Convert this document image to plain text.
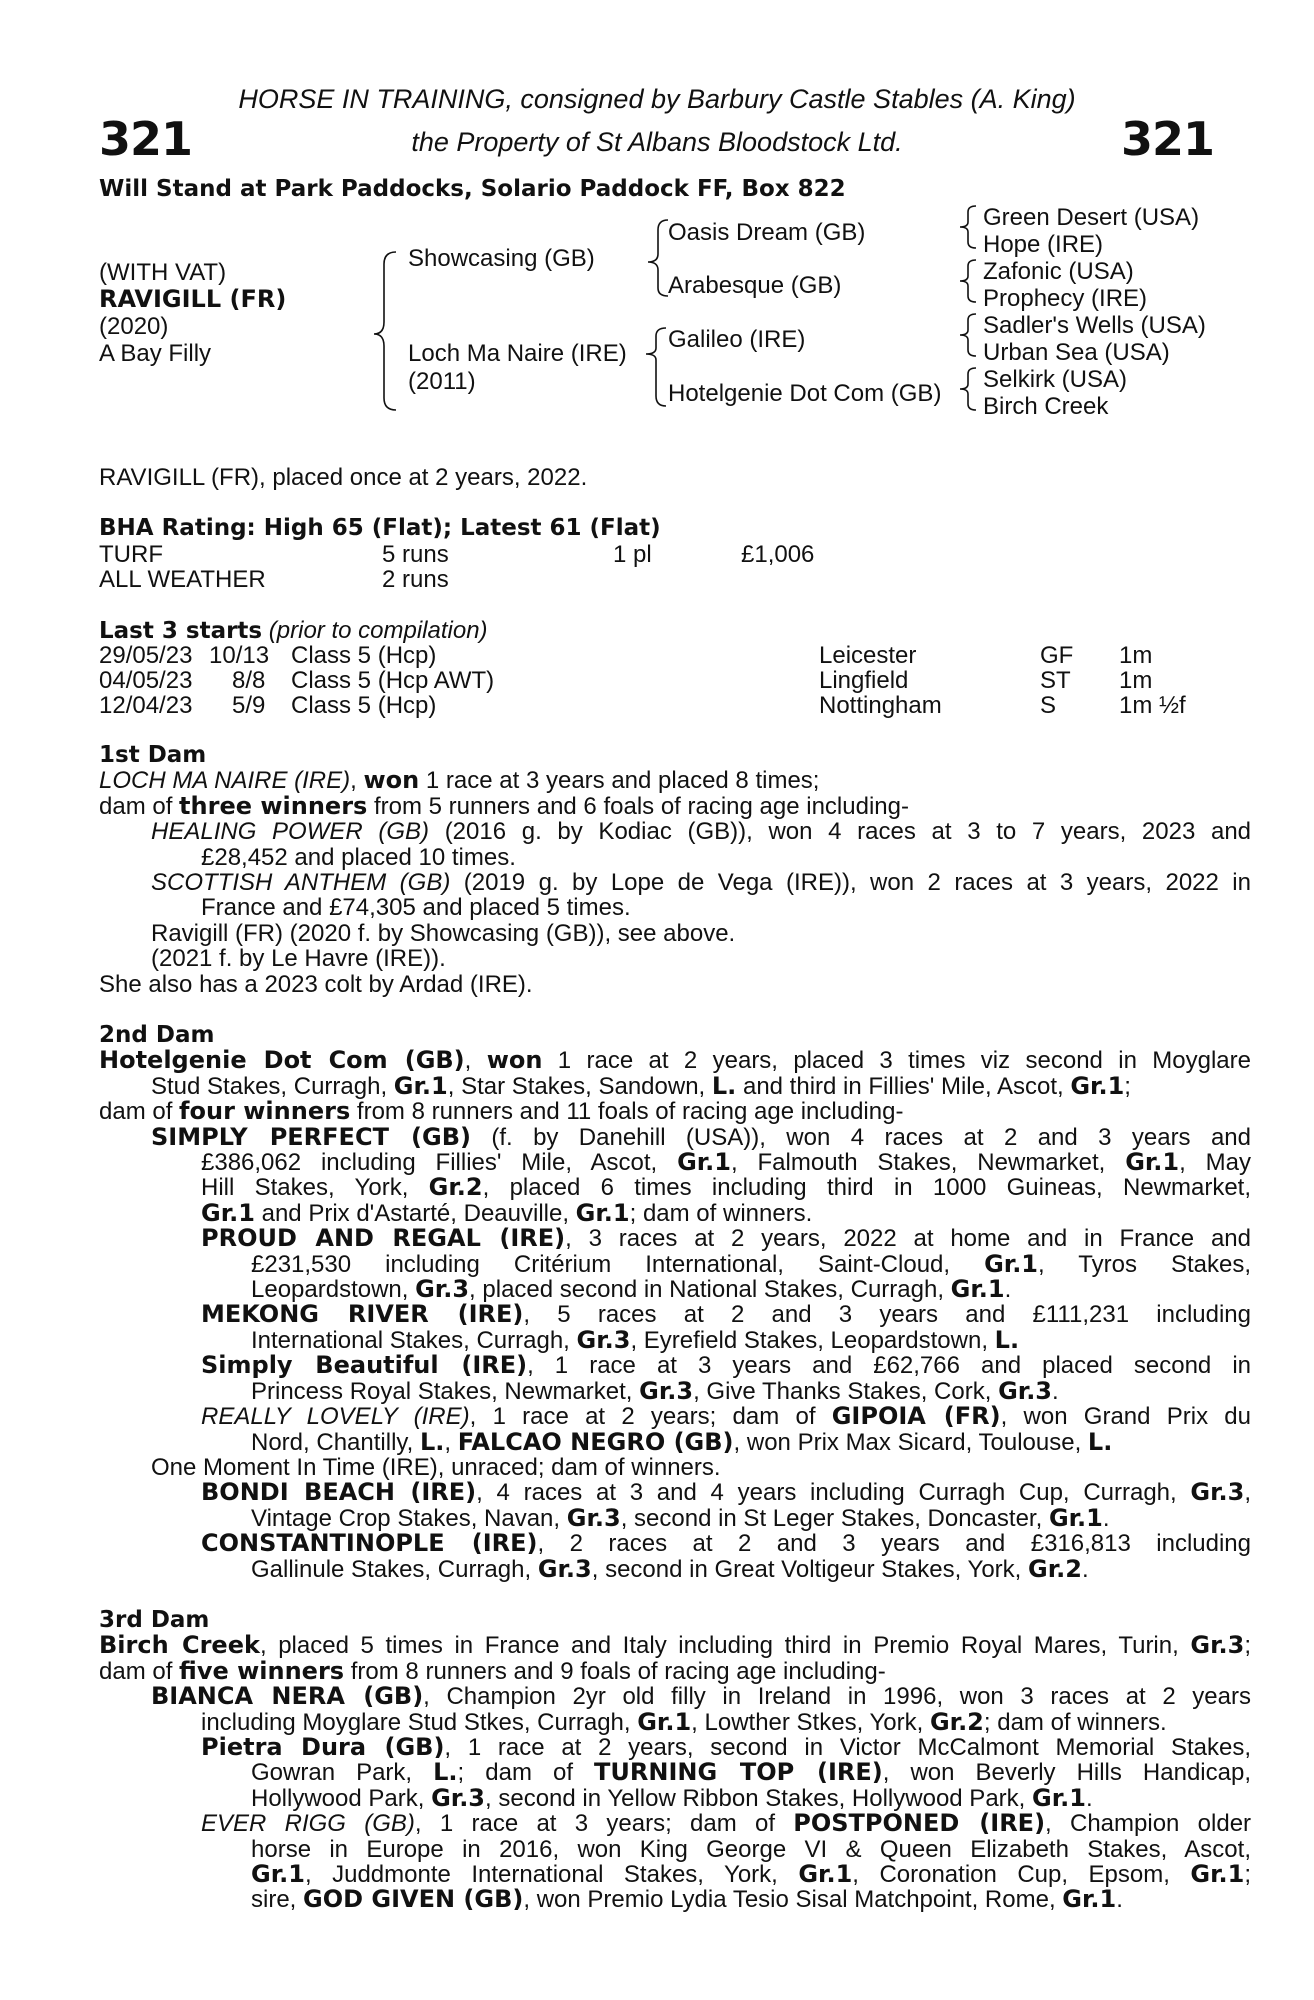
321	321
HORSE IN TRAINING, consigned by Barbury Castle Stables (A. King)
the Property of St Albans Bloodstock Ltd.
Will Stand at Park Paddocks, Solario Paddock FF, Box 822
(WITH VAT)
RAVIGILL (FR)
(2020)
A Bay Filly
Showcasing (GB)
Loch Ma Naire (IRE)
(2011)
Oasis Dream (GB)
Arabesque (GB)
Galileo (IRE)
Hotelgenie Dot Com (GB)
Green Desert (USA)
Hope (IRE)
Zafonic (USA)
Prophecy (IRE)
Sadler's Wells (USA)
Urban Sea (USA)
Selkirk (USA)
Birch Creek
RAVIGILL (FR), placed once at 2 years, 2022.
BHA Rating: High 65 (Flat); Latest 61 (Flat)
TURF	5 runs	1 pl	£1,006
ALL WEATHER	2 runs
Last 3 starts (prior to compilation)
29/05/23 10/13 Class 5 (Hcp)	Leicester	GF 1m
04/05/23 8/8 Class 5 (Hcp AWT)	Lingfield	ST 1m
12/04/23 5/9 Class 5 (Hcp)	Nottingham	S	1m ½f

1st Dam

LOCH MA NAIRE (IRE), won 1 race at 3 years and placed 8 times;

dam of three winners from 5 runners and 6 foals of racing age including-

HEALING POWER (GB) (2016 g. by Kodiac (GB)), won 4 races at 3 to 7 years, 2023 and

£28,452 and placed 10 times.

SCOTTISH ANTHEM (GB) (2019 g. by Lope de Vega (IRE)), won 2 races at 3 years, 2022 in

France and £74,305 and placed 5 times.

Ravigill (FR) (2020 f. by Showcasing (GB)), see above.

(2021 f. by Le Havre (IRE)).

She also has a 2023 colt by Ardad (IRE).

2nd Dam

Hotelgenie Dot Com (GB), won 1 race at 2 years, placed 3 times viz second in Moyglare

Stud Stakes, Curragh, Gr.1, Star Stakes, Sandown, L. and third in Fillies' Mile, Ascot, Gr.1;

dam of four winners from 8 runners and 11 foals of racing age including-

SIMPLY PERFECT (GB) (f. by Danehill (USA)), won 4 races at 2 and 3 years and

£386,062 including Fillies' Mile, Ascot, Gr.1, Falmouth Stakes, Newmarket, Gr.1, May

Hill Stakes, York, Gr.2, placed 6 times including third in 1000 Guineas, Newmarket,

Gr.1 and Prix d'Astarté, Deauville, Gr.1; dam of winners.

PROUD AND REGAL (IRE), 3 races at 2 years, 2022 at home and in France and

£231,530 including Critérium International, Saint-Cloud, Gr.1, Tyros Stakes,

Leopardstown, Gr.3, placed second in National Stakes, Curragh, Gr.1.

MEKONG RIVER (IRE), 5 races at 2 and 3 years and £111,231 including

International Stakes, Curragh, Gr.3, Eyrefield Stakes, Leopardstown, L.

Simply Beautiful (IRE), 1 race at 3 years and £62,766 and placed second in

Princess Royal Stakes, Newmarket, Gr.3, Give Thanks Stakes, Cork, Gr.3.

REALLY LOVELY (IRE), 1 race at 2 years; dam of GIPOIA (FR), won Grand Prix du

Nord, Chantilly, L., FALCAO NEGRO (GB), won Prix Max Sicard, Toulouse, L.

One Moment In Time (IRE), unraced; dam of winners.

BONDI BEACH (IRE), 4 races at 3 and 4 years including Curragh Cup, Curragh, Gr.3,

Vintage Crop Stakes, Navan, Gr.3, second in St Leger Stakes, Doncaster, Gr.1.

CONSTANTINOPLE (IRE), 2 races at 2 and 3 years and £316,813 including

Gallinule Stakes, Curragh, Gr.3, second in Great Voltigeur Stakes, York, Gr.2.

3rd Dam

Birch Creek, placed 5 times in France and Italy including third in Premio Royal Mares, Turin, Gr.3;

dam of five winners from 8 runners and 9 foals of racing age including-

BIANCA NERA (GB), Champion 2yr old filly in Ireland in 1996, won 3 races at 2 years

including Moyglare Stud Stkes, Curragh, Gr.1, Lowther Stkes, York, Gr.2; dam of winners.

Pietra Dura (GB), 1 race at 2 years, second in Victor McCalmont Memorial Stakes,

Gowran Park, L.; dam of TURNING TOP (IRE), won Beverly Hills Handicap,

Hollywood Park, Gr.3, second in Yellow Ribbon Stakes, Hollywood Park, Gr.1.

EVER RIGG (GB), 1 race at 3 years; dam of POSTPONED (IRE), Champion older

horse in Europe in 2016, won King George VI & Queen Elizabeth Stakes, Ascot,

Gr.1, Juddmonte International Stakes, York, Gr.1, Coronation Cup, Epsom, Gr.1;

sire, GOD GIVEN (GB), won Premio Lydia Tesio Sisal Matchpoint, Rome, Gr.1.
